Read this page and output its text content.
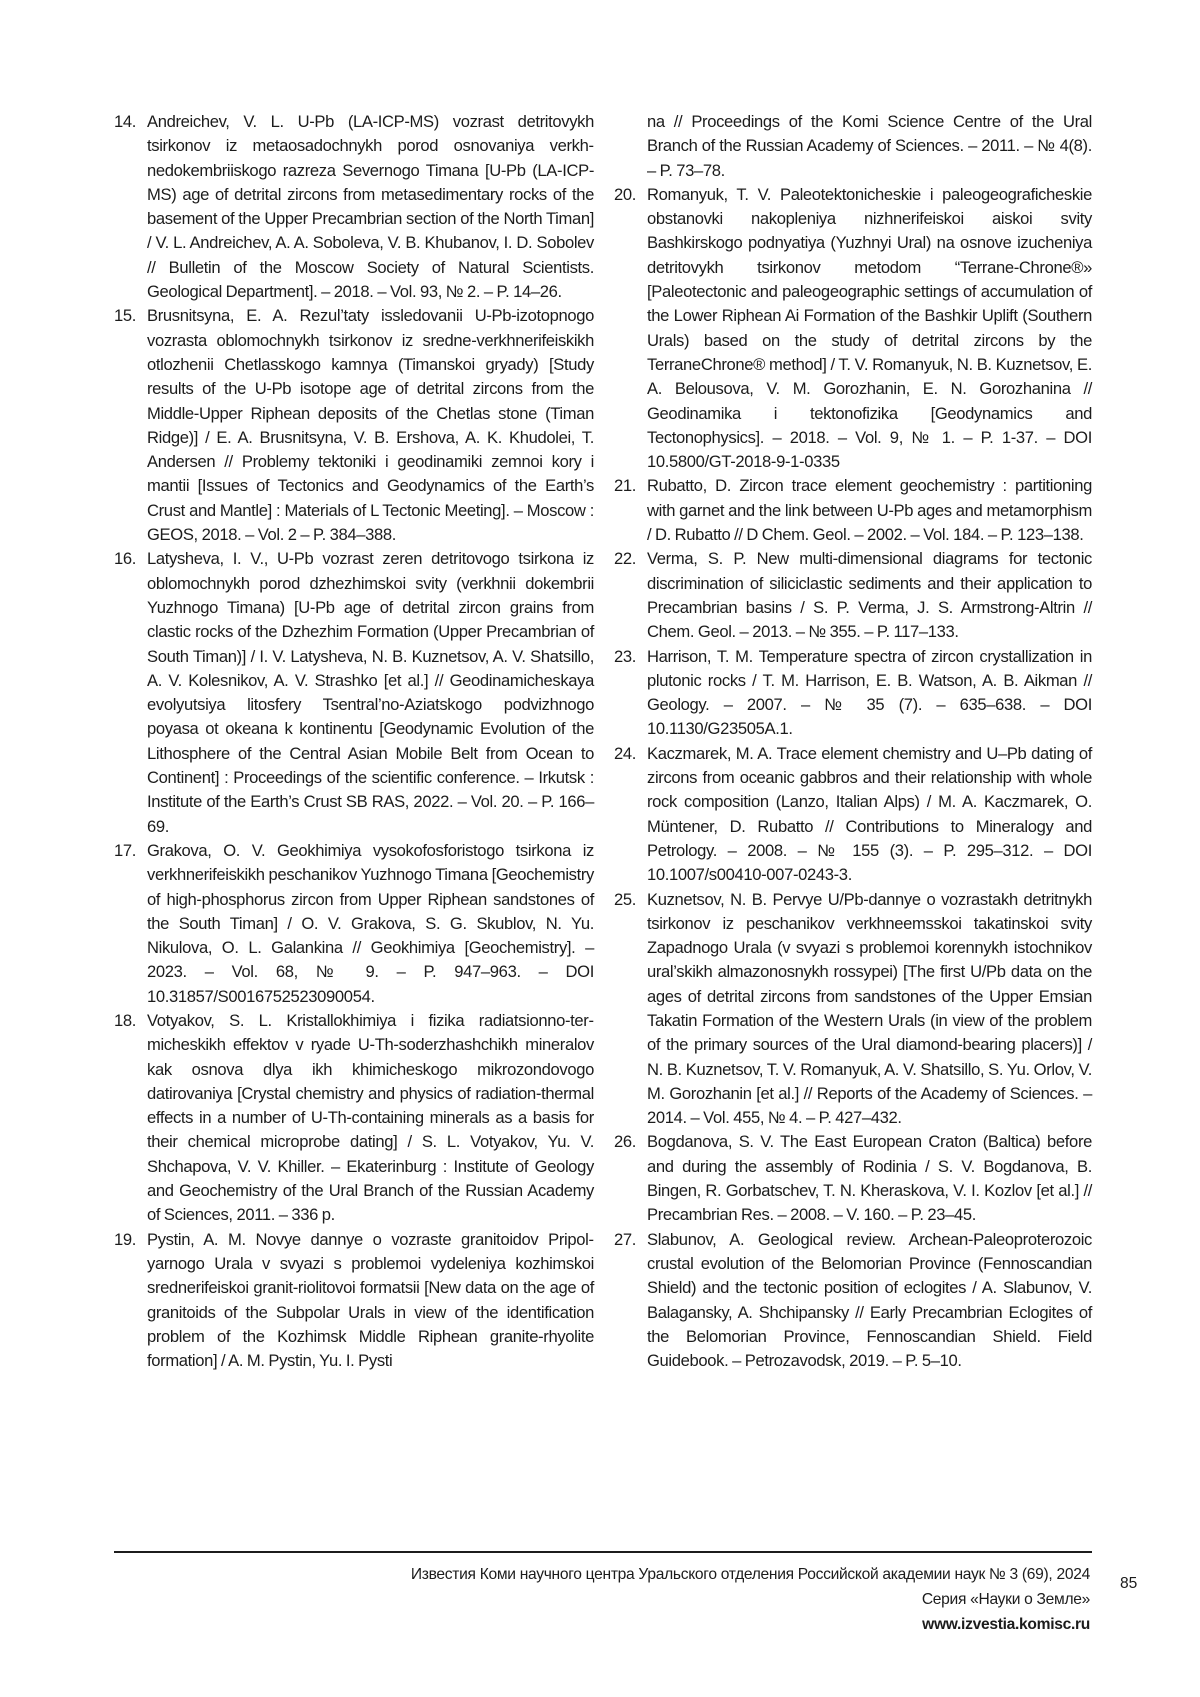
14. Andreichev, V. L. U-Pb (LA-ICP-MS) vozrast detritovykh tsirkonov iz metaosadochnykh porod osnovaniya verkhnedokembriiskogo razreza Severnogo Timana [U-Pb (LA-ICP-MS) age of detrital zircons from metasedimentary rocks of the basement of the Upper Precambrian section of the North Timan] / V. L. Andreichev, A. A. Soboleva, V. B. Khubanov, I. D. Sobolev // Bulletin of the Moscow Society of Natural Scientists. Geological Department]. – 2018. – Vol. 93, № 2. – P. 14–26.

15. Brusnitsyna, E. A. Rezul’taty issledovanii U-Pb-izotopnogo vozrasta oblomochnykh tsirkonov iz sredne-verkhnerifeiskikh otlozhenii Chetlasskogo kamnya (Timanskoi gryady) [Study results of the U-Pb isotope age of detrital zircons from the Middle-Upper Riphean deposits of the Chetlas stone (Timan Ridge)] / E. A. Brusnitsyna, V. B. Ershova, A. K. Khudolei, T. Andersen // Problemy tektoniki i geodinamiki zemnoi kory i mantii [Issues of Tectonics and Geodynamics of the Earth’s Crust and Mantle] : Materials of L Tectonic Meeting]. – Moscow : GEOS, 2018. – Vol. 2 – P. 384–388.

16. Latysheva, I. V., U-Pb vozrast zeren detritovogo tsirkona iz oblomochnykh porod dzhezhimskoi svity (verkhnii dokembrii Yuzhnogo Timana) [U-Pb age of detrital zircon grains from clastic rocks of the Dzhezhim Formation (Upper Precambrian of South Timan)] / I. V. Latysheva, N. B. Kuznetsov, A. V. Shatsillo, A. V. Kolesnikov, A. V. Strashko [et al.] // Geodinamicheskaya evolyutsiya litosfery Tsentral’no-Aziatskogo podvizhnogo poyasa ot okeana k kontinentu [Geodynamic Evolution of the Lithosphere of the Central Asian Mobile Belt from Ocean to Continent] : Proceedings of the scientific conference. – Irkutsk : Institute of the Earth’s Crust SB RAS, 2022. – Vol. 20. – P. 166–69.

17. Grakova, O. V. Geokhimiya vysokofosforistogo tsirkona iz verkhnerifeiskikh peschanikov Yuzhnogo Timana [Geochemistry of high-phosphorus zircon from Upper Riphean sandstones of the South Timan] / O. V. Grakova, S. G. Skublov, N. Yu. Nikulova, O. L. Galankina // Geokhimiya [Geochemistry]. – 2023. – Vol. 68, № 9. – P. 947–963. – DOI 10.31857/S0016752523090054.

18. Votyakov, S. L. Kristallokhimiya i fizika radiatsionno-termicheskikh effektov v ryade U-Th-soderzhashchikh mineralov kak osnova dlya ikh khimicheskogo mikrozondovogo datirovaniya [Crystal chemistry and physics of radiation-thermal effects in a number of U-Th-containing minerals as a basis for their chemical microprobe dating] / S. L. Votyakov, Yu. V. Shchapova, V. V. Khiller. – Ekaterinburg : Institute of Geology and Geochemistry of the Ural Branch of the Russian Academy of Sciences, 2011. – 336 p.

19. Pystin, A. M. Novye dannye o vozraste granitoidov Pripolyarnogo Urala v svyazi s problemoi vydeleniya kozhimskoi srednerifeiskoi granit-riolitovoi formatsii [New data on the age of granitoids of the Subpolar Urals in view of the identification problem of the Kozhimsk Middle Riphean granite-rhyolite formation] / A. M. Pystin, Yu. I. Pysti

na // Proceedings of the Komi Science Centre of the Ural Branch of the Russian Academy of Sciences. – 2011. – № 4(8). – P. 73–78.

20. Romanyuk, T. V. Paleotektonicheskie i paleogeograficheskie obstanovki nakopleniya nizhnerifeiskoi aiskoi svity Bashkirskogo podnyatiya (Yuzhnyi Ural) na osnove izucheniya detritovykh tsirkonov metodom “Terrane-Chrone®» [Paleotectonic and paleogeographic settings of accumulation of the Lower Riphean Ai Formation of the Bashkir Uplift (Southern Urals) based on the study of detrital zircons by the TerraneChrone® method] / T. V. Romanyuk, N. B. Kuznetsov, E. A. Belousova, V. M. Gorozhanin, E. N. Gorozhanina // Geodinamika i tektonofizika [Geodynamics and Tectonophysics]. – 2018. – Vol. 9, № 1. – P. 1-37. – DOI 10.5800/GT-2018-9-1-0335

21. Rubatto, D. Zircon trace element geochemistry : partitioning with garnet and the link between U-Pb ages and metamorphism / D. Rubatto // D Chem. Geol. – 2002. – Vol. 184. – P. 123–138.

22. Verma, S. P. New multi-dimensional diagrams for tectonic discrimination of siliciclastic sediments and their application to Precambrian basins / S. P. Verma, J. S. Armstrong-Altrin // Chem. Geol. – 2013. – № 355. – P. 117–133.

23. Harrison, T. M. Temperature spectra of zircon crystallization in plutonic rocks / T. M. Harrison, E. B. Watson, A. B. Aikman // Geology. – 2007. – № 35 (7). – 635–638. – DOI 10.1130/G23505A.1.

24. Kaczmarek, M. A. Trace element chemistry and U–Pb dating of zircons from oceanic gabbros and their relationship with whole rock composition (Lanzo, Italian Alps) / M. A. Kaczmarek, O. Müntener, D. Rubatto // Contributions to Mineralogy and Petrology. – 2008. – № 155 (3). – P. 295–312. – DOI 10.1007/s00410-007-0243-3.

25. Kuznetsov, N. B. Pervye U/Pb-dannye o vozrastakh detritnykh tsirkonov iz peschanikov verkhneemsskoi takatinskoi svity Zapadnogo Urala (v svyazi s problemoi korennykh istochnikov ural’skikh almazonosnykh rossypei) [The first U/Pb data on the ages of detrital zircons from sandstones of the Upper Emsian Takatin Formation of the Western Urals (in view of the problem of the primary sources of the Ural diamond-bearing placers)] / N. B. Kuznetsov, T. V. Romanyuk, A. V. Shatsillo, S. Yu. Orlov, V. M. Gorozhanin [et al.] // Reports of the Academy of Sciences. – 2014. – Vol. 455, № 4. – P. 427–432.

26. Bogdanova, S. V. The East European Craton (Baltica) before and during the assembly of Rodinia / S. V. Bogdanova, B. Bingen, R. Gorbatschev, T. N. Kheraskova, V. I. Kozlov [et al.] // Precambrian Res. – 2008. – V. 160. – P. 23–45.

27. Slabunov, A. Geological review. Archean-Paleoproterozoic crustal evolution of the Belomorian Province (Fennoscandian Shield) and the tectonic position of eclogites / A. Slabunov, V. Balagansky, A. Shchipansky // Early Precambrian Eclogites of the Belomorian Province, Fennoscandian Shield. Field Guidebook. – Petrozavodsk, 2019. – P. 5–10.

Известия Коми научного центра Уральского отделения Российской академии наук № 3 (69), 2024
Серия «Науки о Земле»
www.izvestia.komisc.ru
85
